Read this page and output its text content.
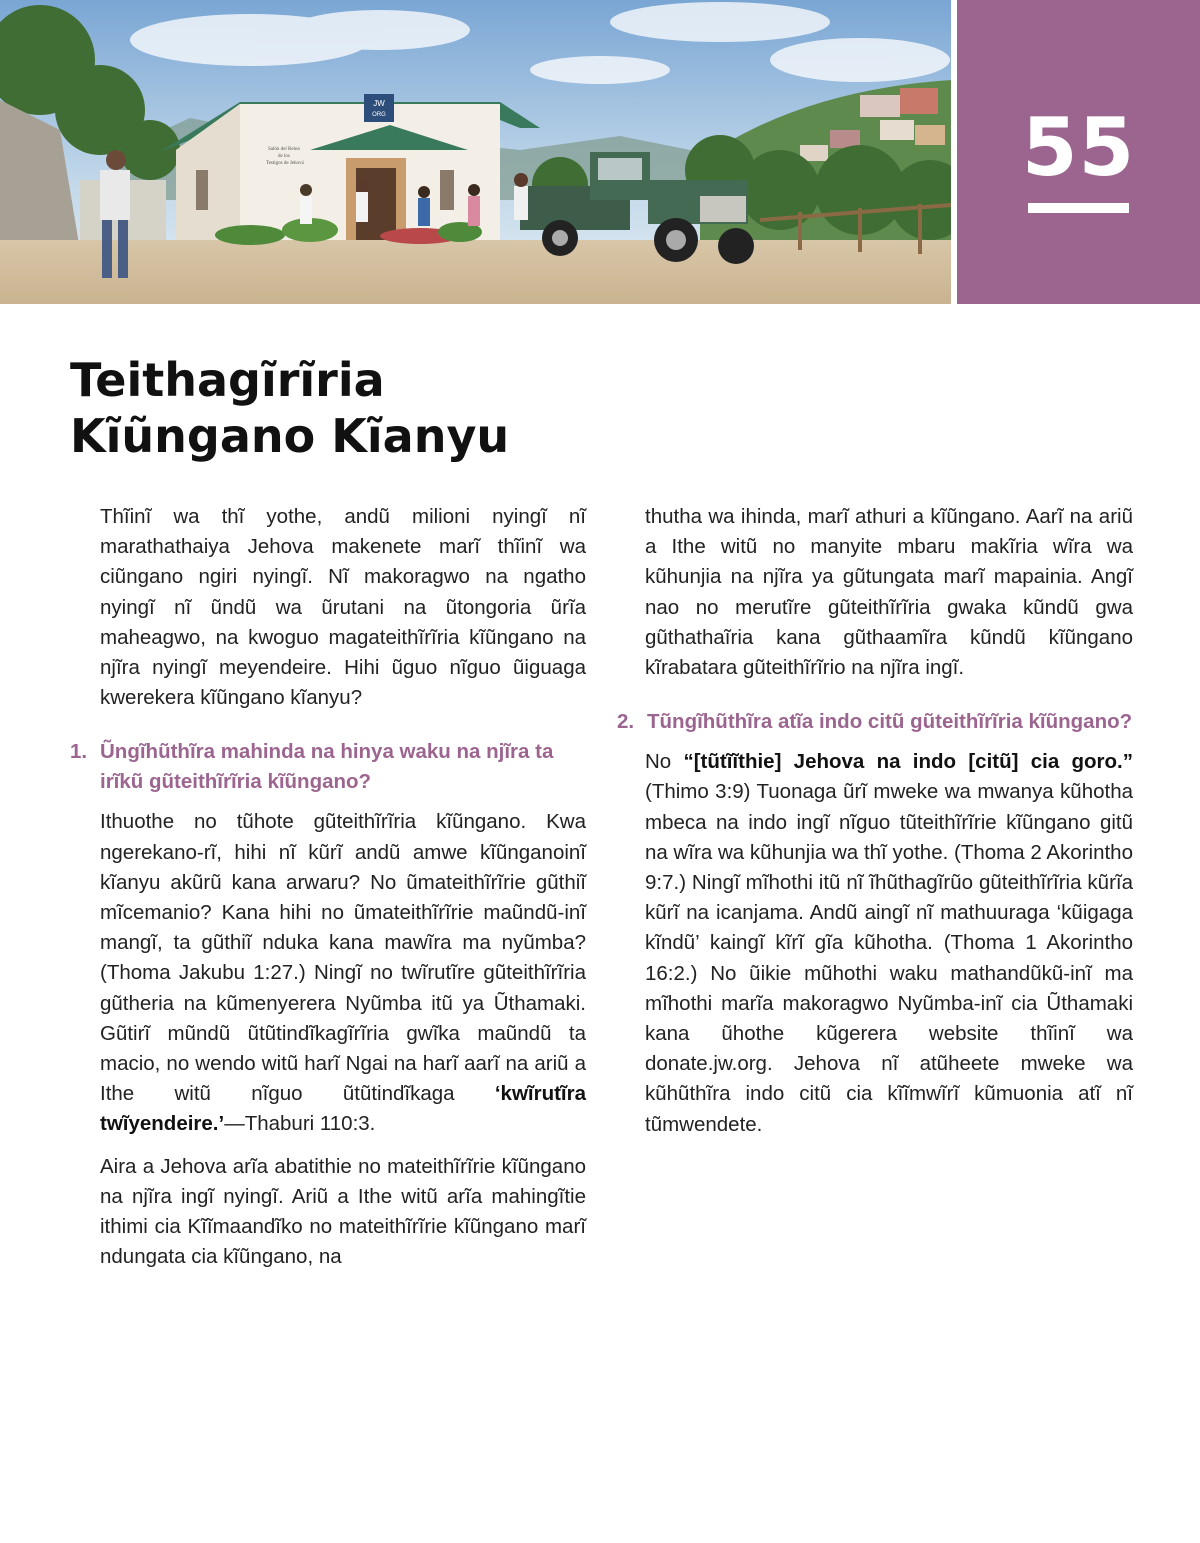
JW
ORG
Salón del Reino
de los
Testigos de Jehová	55
Teithagĩrĩria
Kĩũngano Kĩanyu

Thĩinĩ wa thĩ yothe, andũ milioni nyingĩ nĩ marathathaiya Jehova makenete marĩ thĩinĩ wa ciũngano ngiri nyingĩ. Nĩ makoragwo na ngatho nyingĩ nĩ ũndũ wa ũrutani na ũtongoria ũrĩa maheagwo, na kwoguo magateithĩrĩria kĩũngano na njĩra nyingĩ meyendeire. Hihi ũguo nĩguo ũiguaga kwerekera kĩũngano kĩanyu?

1. Ũngĩhũthĩra mahinda na hinya waku na njĩra ta irĩkũ gũteithĩrĩria kĩũngano?

Ithuothe no tũhote gũteithĩrĩria kĩũngano. Kwa ngerekano-rĩ, hihi nĩ kũrĩ andũ amwe kĩũnganoinĩ kĩanyu akũrũ kana arwaru? No ũmateithĩrĩrie gũthiĩ mĩcemanio? Kana hihi no ũmateithĩrĩrie maũndũ-inĩ mangĩ, ta gũthiĩ nduka kana mawĩra ma nyũmba? (Thoma Jakubu 1:27.) Ningĩ no twĩrutĩre gũteithĩrĩria gũtheria na kũmenyerera Nyũmba itũ ya Ũthamaki. Gũtirĩ mũndũ ũtũtindĩkagĩrĩria gwĩka maũndũ ta macio, no wendo witũ harĩ Ngai na harĩ aarĩ na ariũ a Ithe witũ nĩguo ũtũtindĩkaga ‘kwĩrutĩra twĩyendeire.’—Thaburi 110:3.

Aira a Jehova arĩa abatithie no mateithĩrĩrie kĩũngano na njĩra ingĩ nyingĩ. Ariũ a Ithe witũ arĩa mahingĩtie ithimi cia Kĩĩmaandĩko no mateithĩrĩrie kĩũngano marĩ ndungata cia kĩũngano, na

thutha wa ihinda, marĩ athuri a kĩũngano. Aarĩ na ariũ a Ithe witũ no manyite mbaru makĩria wĩra wa kũhunjia na njĩra ya gũtungata marĩ mapainia. Angĩ nao no merutĩre gũteithĩrĩria gwaka kũndũ gwa gũthathaĩria kana gũthaamĩra kũndũ kĩũngano kĩrabatara gũteithĩrĩrio na njĩra ingĩ.

2. Tũngĩhũthĩra atĩa indo citũ gũteithĩrĩria kĩũngano?

No “[tũtĩĩthie] Jehova na indo [citũ] cia goro.” (Thimo 3:9) Tuonaga ũrĩ mweke wa mwanya kũhotha mbeca na indo ingĩ nĩguo tũteithĩrĩrie kĩũngano gitũ na wĩra wa kũhunjia wa thĩ yothe. (Thoma 2 Akorintho 9:7.) Ningĩ mĩhothi itũ nĩ ĩhũthagĩrũo gũteithĩrĩria kũrĩa kũrĩ na icanjama. Andũ aingĩ nĩ mathuuraga ‘kũigaga kĩndũ’ kaingĩ kĩrĩ gĩa kũhotha. (Thoma 1 Akorintho 16:2.) No ũikie mũhothi waku mathandũkũ-inĩ ma mĩhothi marĩa makoragwo Nyũmba-inĩ cia Ũthamaki kana ũhothe kũgerera website thĩinĩ wa donate.jw.org. Jehova nĩ atũheete mweke wa kũhũthĩra indo citũ cia kĩĩmwĩrĩ kũmuonia atĩ nĩ tũmwendete.
